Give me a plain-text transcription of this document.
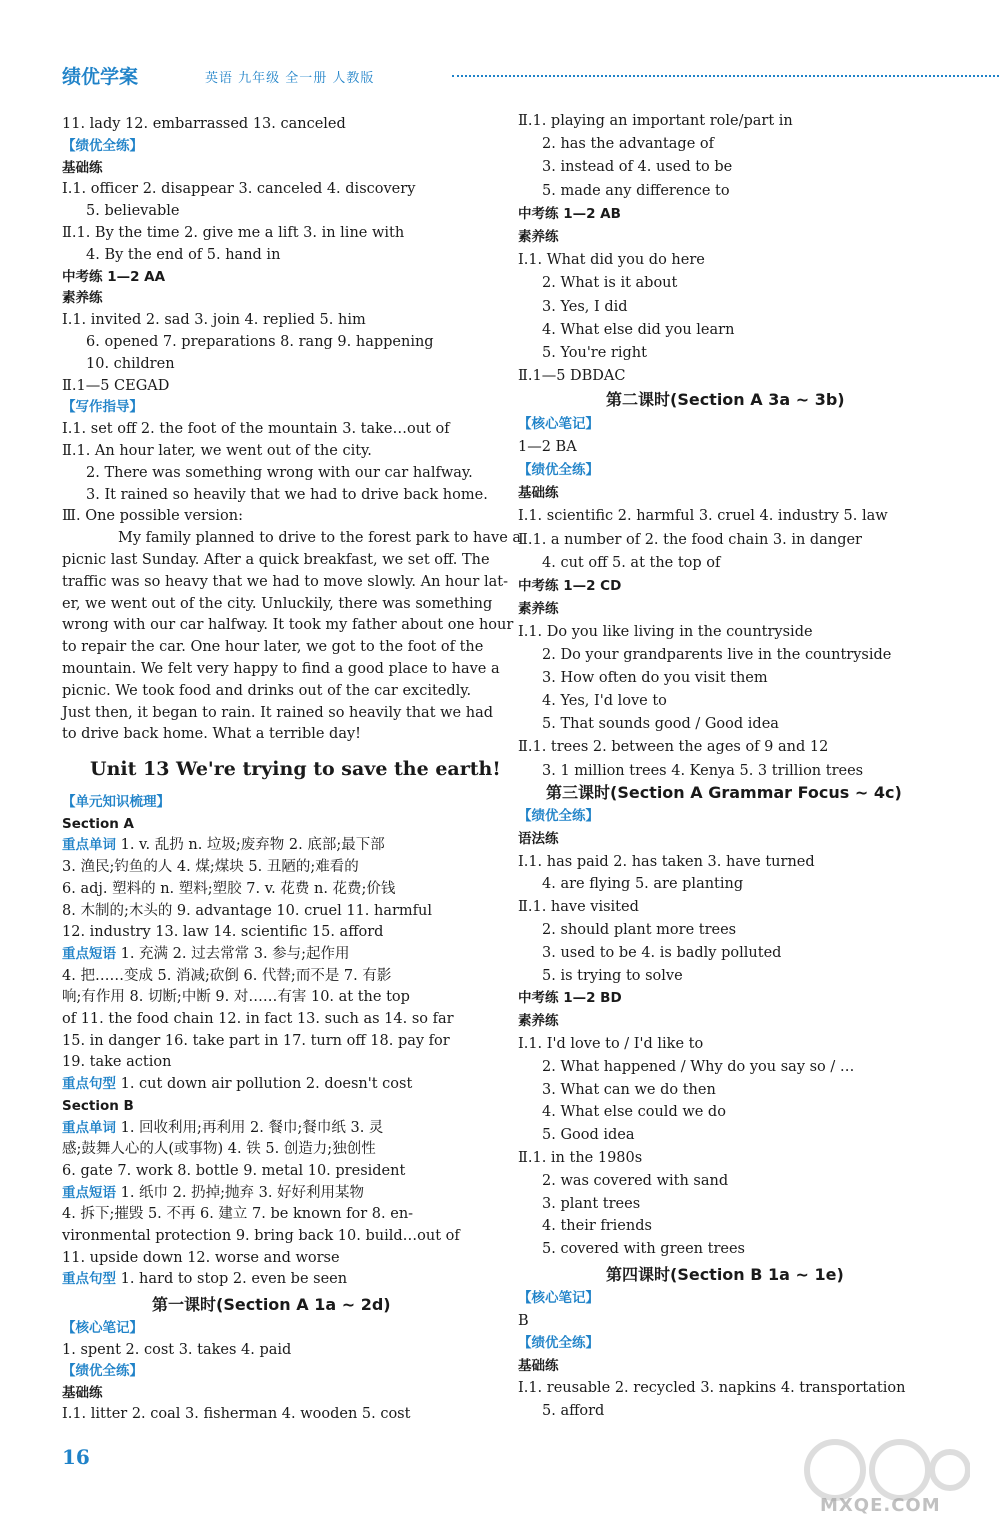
绩优学案	英语 九年级 全一册 人教版
11. lady 12. embarrassed 13. canceled
【绩优全练】
基础练
Ⅰ.1. officer 2. disappear 3. canceled 4. discovery
5. believable
Ⅱ.1. By the time 2. give me a lift 3. in line with
4. By the end of 5. hand in
中考练 1—2 AA
素养练
Ⅰ.1. invited 2. sad 3. join 4. replied 5. him
6. opened 7. preparations 8. rang 9. happening
10. children
Ⅱ.1—5 CEGAD
【写作指导】
Ⅰ.1. set off 2. the foot of the mountain 3. take…out of
Ⅱ.1. An hour later, we went out of the city.
2. There was something wrong with our car halfway.
3. It rained so heavily that we had to drive back home.
Ⅲ. One possible version:
My family planned to drive to the forest park to have a
picnic last Sunday. After a quick breakfast, we set off. The
traffic was so heavy that we had to move slowly. An hour lat-
er, we went out of the city. Unluckily, there was something
wrong with our car halfway. It took my father about one hour
to repair the car. One hour later, we got to the foot of the
mountain. We felt very happy to find a good place to have a
picnic. We took food and drinks out of the car excitedly.
Just then, it began to rain. It rained so heavily that we had
to drive back home. What a terrible day!
【单元知识梳理】
Section A
重点单词 1. v. 乱扔 n. 垃圾;废弃物 2. 底部;最下部
3. 渔民;钓鱼的人 4. 煤;煤块 5. 丑陋的;难看的
6. adj. 塑料的 n. 塑料;塑胶 7. v. 花费 n. 花费;价钱
8. 木制的;木头的 9. advantage 10. cruel 11. harmful
12. industry 13. law 14. scientific 15. afford
重点短语 1. 充满 2. 过去常常 3. 参与;起作用
4. 把……变成 5. 消减;砍倒 6. 代替;而不是 7. 有影
响;有作用 8. 切断;中断 9. 对……有害 10. at the top
of 11. the food chain 12. in fact 13. such as 14. so far
15. in danger 16. take part in 17. turn off 18. pay for
19. take action
重点句型 1. cut down air pollution 2. doesn't cost
Section B
重点单词 1. 回收利用;再利用 2. 餐巾;餐巾纸 3. 灵
感;鼓舞人心的人(或事物) 4. 铁 5. 创造力;独创性
6. gate 7. work 8. bottle 9. metal 10. president
重点短语 1. 纸巾 2. 扔掉;抛弃 3. 好好利用某物
4. 拆下;摧毁 5. 不再 6. 建立 7. be known for 8. en-
vironmental protection 9. bring back 10. build…out of
11. upside down 12. worse and worse
重点句型 1. hard to stop 2. even be seen
【核心笔记】
1. spent 2. cost 3. takes 4. paid
【绩优全练】
基础练
Ⅰ.1. litter 2. coal 3. fisherman 4. wooden 5. cost
Ⅱ.1. playing an important role/part in
2. has the advantage of
3. instead of 4. used to be
5. made any difference to
中考练 1—2 AB
素养练
Ⅰ.1. What did you do here
2. What is it about
3. Yes, I did
4. What else did you learn
5. You're right
Ⅱ.1—5 DBDAC
【核心笔记】
1—2 BA
【绩优全练】
基础练
Ⅰ.1. scientific 2. harmful 3. cruel 4. industry 5. law
Ⅱ.1. a number of 2. the food chain 3. in danger
4. cut off 5. at the top of
中考练 1—2 CD
素养练
Ⅰ.1. Do you like living in the countryside
2. Do your grandparents live in the countryside
3. How often do you visit them
4. Yes, I'd love to
5. That sounds good / Good idea
Ⅱ.1. trees 2. between the ages of 9 and 12
3. 1 million trees 4. Kenya 5. 3 trillion trees
【绩优全练】
语法练
Ⅰ.1. has paid 2. has taken 3. have turned
4. are flying 5. are planting
Ⅱ.1. have visited
2. should plant more trees
3. used to be 4. is badly polluted
5. is trying to solve
中考练 1—2 BD
素养练
Ⅰ.1. I'd love to / I'd like to
2. What happened / Why do you say so / …
3. What can we do then
4. What else could we do
5. Good idea
Ⅱ.1. in the 1980s
2. was covered with sand
3. plant trees
4. their friends
5. covered with green trees
【核心笔记】
B
【绩优全练】
基础练
Ⅰ.1. reusable 2. recycled 3. napkins 4. transportation
5. afford
Unit 13 We're trying to save the earth!
第一课时(Section A 1a ~ 2d)
第二课时(Section A 3a ~ 3b)
第三课时(Section A Grammar Focus ~ 4c)
第四课时(Section B 1a ~ 1e)
16
MXQE.COM
